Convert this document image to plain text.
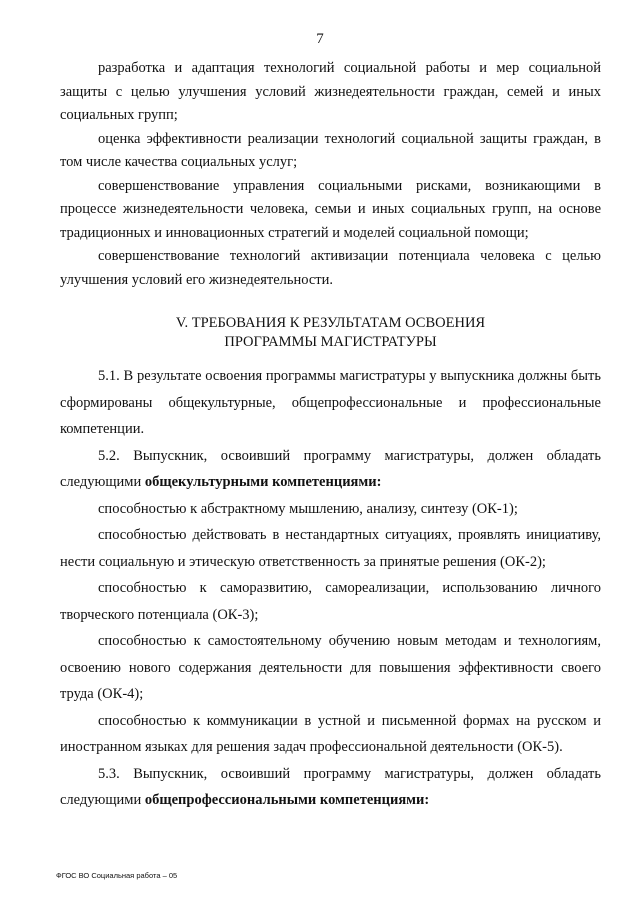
7

разработка и адаптация технологий социальной работы и мер социальной защиты с целью улучшения условий жизнедеятельности граждан, семей и иных социальных групп;

оценка эффективности реализации технологий социальной защиты граждан, в том числе качества социальных услуг;

совершенствование управления социальными рисками, возникающими в процессе жизнедеятельности человека, семьи и иных социальных групп, на основе традиционных и инновационных стратегий и моделей социальной помощи;

совершенствование технологий активизации потенциала человека с целью улучшения условий его жизнедеятельности.

V. ТРЕБОВАНИЯ К РЕЗУЛЬТАТАМ ОСВОЕНИЯ
ПРОГРАММЫ МАГИСТРАТУРЫ

5.1. В результате освоения программы магистратуры у выпускника должны быть сформированы общекультурные, общепрофессиональные и профессиональные компетенции.

5.2. Выпускник, освоивший программу магистратуры, должен обладать следующими общекультурными компетенциями:

способностью к абстрактному мышлению, анализу, синтезу (ОК-1);

способностью действовать в нестандартных ситуациях, проявлять инициативу, нести социальную и этическую ответственность за принятые решения (ОК-2);

способностью к саморазвитию, самореализации, использованию личного творческого потенциала (ОК-3);

способностью к самостоятельному обучению новым методам и технологиям, освоению нового содержания деятельности для повышения эффективности своего труда (ОК-4);

способностью к коммуникации в устной и письменной формах на русском и иностранном языках для решения задач профессиональной деятельности (ОК-5).

5.3. Выпускник, освоивший программу магистратуры, должен обладать следующими общепрофессиональными компетенциями:

ФГОС ВО Социальная работа – 05
